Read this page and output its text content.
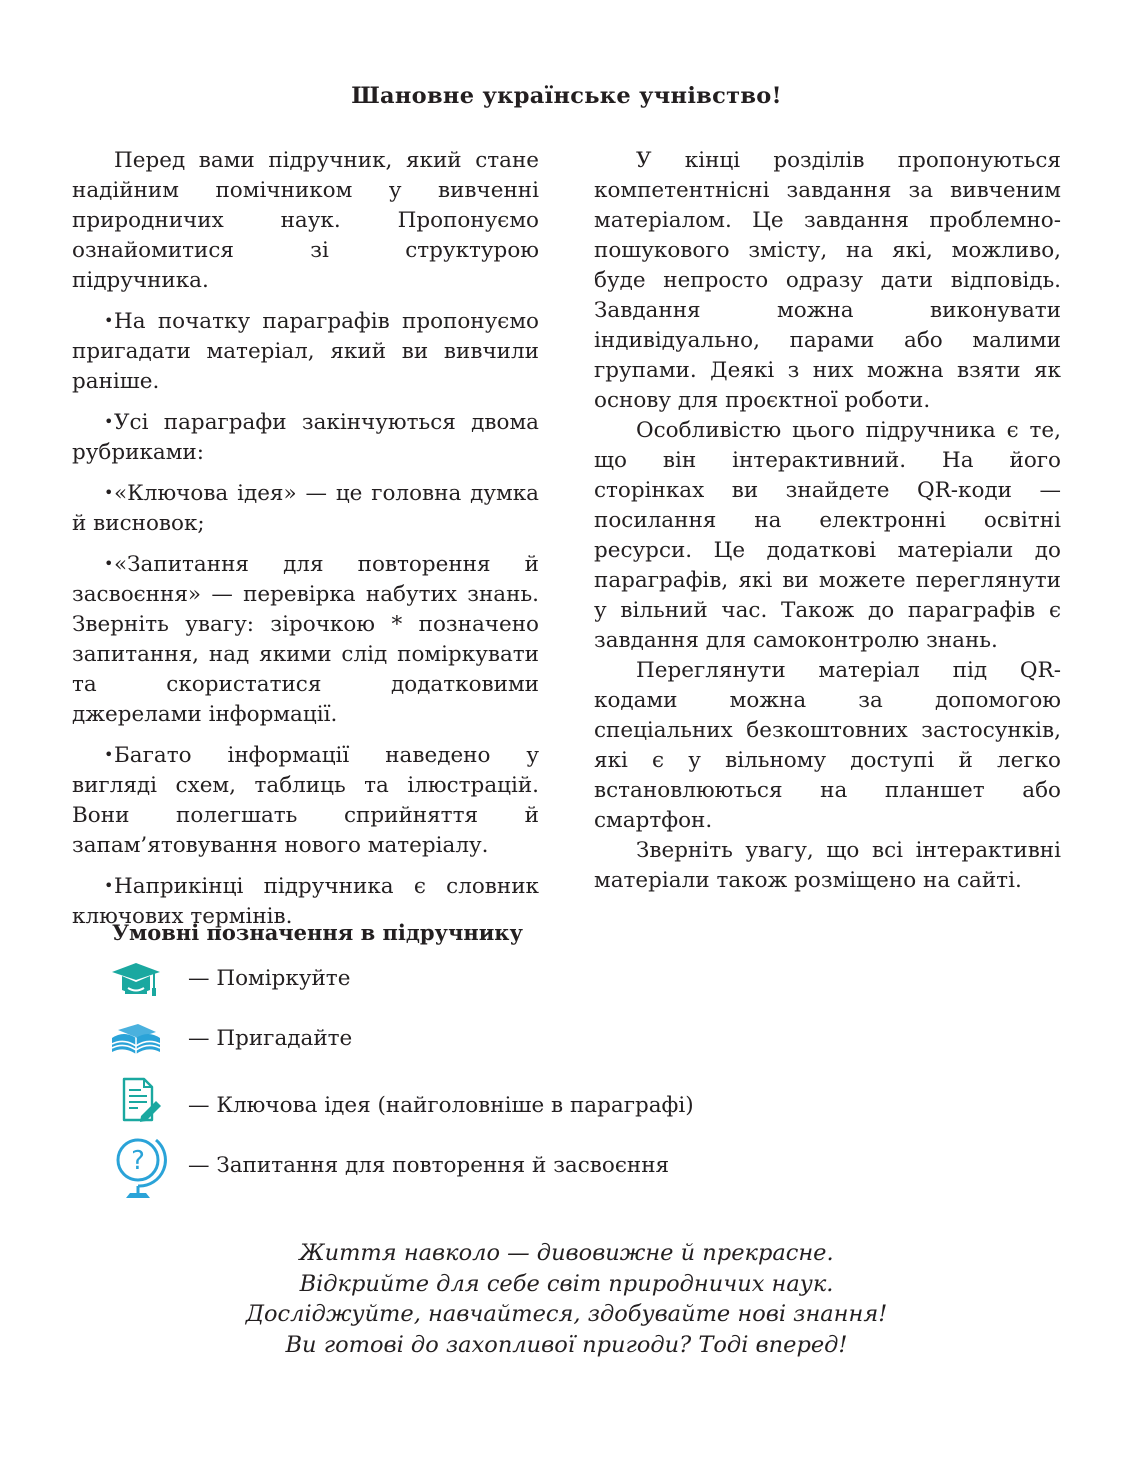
Шановне українське учнівство!

Перед вами підручник, який стане надійним помічником у вивченні природничих наук. Пропонуємо ознайомитися зі структурою підручника.

• На початку параграфів пропонуємо пригадати матеріал, який ви вивчили раніше.

• Усі параграфи закінчуються двома рубриками:

• «Ключова ідея» — це головна думка й висновок;

• «Запитання для повторення й засвоєння» — перевірка набутих знань. Зверніть увагу: зірочкою * позначено запитання, над якими слід поміркувати та скористатися додатковими джерелами інформації.

• Багато інформації наведено у вигляді схем, таблиць та ілюстрацій. Вони полегшать сприйняття й запам’ятовування нового матеріалу.

• Наприкінці підручника є словник ключових термінів.

У кінці розділів пропонуються компетентнісні завдання за вивченим матеріалом. Це завдання проблемно-пошукового змісту, на які, можливо, буде непросто одразу дати відповідь. Завдання можна виконувати індивідуально, парами або малими групами. Деякі з них можна взяти як основу для проєктної роботи.

Особливістю цього підручника є те, що він інтерактивний. На його сторінках ви знайдете QR-коди — посилання на електронні освітні ресурси. Це додаткові матеріали до параграфів, які ви можете переглянути у вільний час. Також до параграфів є завдання для самоконтролю знань.

Переглянути матеріал під QR-кодами можна за допомогою спеціальних безкоштовних застосунків, які є у вільному доступі й легко встановлюються на планшет або смартфон.

Зверніть увагу, що всі інтерактивні матеріали також розміщено на сайті.

Умовні позначення в підручнику
— Поміркуйте
— Пригадайте
— Ключова ідея (найголовніше в параграфі)
? — Запитання для повторення й засвоєння
Життя навколо — дивовижне й прекрасне.
Відкрийте для себе світ природничих наук.
Досліджуйте, навчайтеся, здобувайте нові знання!
Ви готові до захопливої пригоди? Тоді вперед!
